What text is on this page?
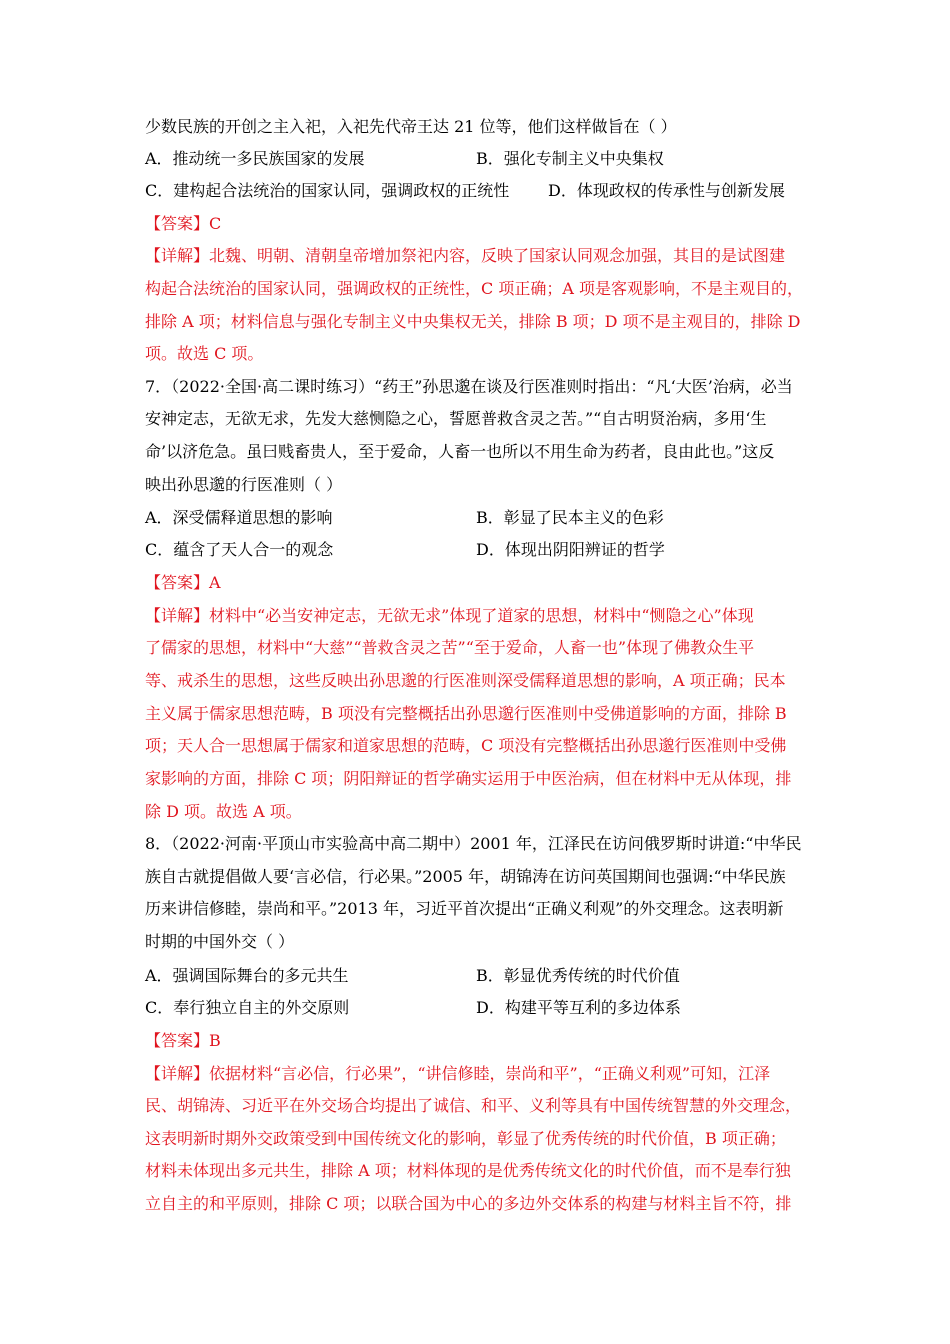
少数民族的开创之主入祀，入祀先代帝王达 21 位等，他们这样做旨在（ ）
A．推动统一多民族国家的发展	B．强化专制主义中央集权
C．建构起合法统治的国家认同，强调政权的正统性 D．体现政权的传承性与创新发展
【答案】C
【详解】北魏、明朝、清朝皇帝增加祭祀内容，反映了国家认同观念加强，其目的是试图建
构起合法统治的国家认同，强调政权的正统性，C 项正确；A 项是客观影响，不是主观目的，
排除 A 项；材料信息与强化专制主义中央集权无关，排除 B 项；D 项不是主观目的，排除 D
项。故选 C 项。
7．（2022·全国·高二课时练习）“药王”孙思邈在谈及行医准则时指出：“凡‘大医’治病，必当
安神定志，无欲无求，先发大慈恻隐之心，誓愿普救含灵之苦。”“自古明贤治病，多用‘生
命’以济危急。虽曰贱畜贵人，至于爱命，人畜一也所以不用生命为药者，良由此也。”这反
映出孙思邈的行医准则（ ）
A．深受儒释道思想的影响	B．彰显了民本主义的色彩
C．蕴含了天人合一的观念	D．体现出阴阳辨证的哲学
【答案】A
【详解】材料中“必当安神定志，无欲无求”体现了道家的思想，材料中“恻隐之心”体现
了儒家的思想，材料中“大慈”“普救含灵之苦”“至于爱命，人畜一也”体现了佛教众生平
等、戒杀生的思想，这些反映出孙思邈的行医准则深受儒释道思想的影响，A 项正确；民本
主义属于儒家思想范畴，B 项没有完整概括出孙思邈行医准则中受佛道影响的方面，排除 B
项；天人合一思想属于儒家和道家思想的范畴，C 项没有完整概括出孙思邈行医准则中受佛
家影响的方面，排除 C 项；阴阳辩证的哲学确实运用于中医治病，但在材料中无从体现，排
除 D 项。故选 A 项。
8．（2022·河南·平顶山市实验高中高二期中）2001 年，江泽民在访问俄罗斯时讲道:“中华民
族自古就提倡做人要‘言必信，行必果。”2005 年，胡锦涛在访问英国期间也强调:“中华民族
历来讲信修睦，崇尚和平。”2013 年，习近平首次提出“正确义利观”的外交理念。这表明新
时期的中国外交（ ）
A．强调国际舞台的多元共生	B．彰显优秀传统的时代价值
C．奉行独立自主的外交原则	D．构建平等互利的多边体系
【答案】B
【详解】依据材料“言必信，行必果”，“讲信修睦，崇尚和平”，“正确义利观”可知，江泽
民、胡锦涛、习近平在外交场合均提出了诚信、和平、义利等具有中国传统智慧的外交理念，
这表明新时期外交政策受到中国传统文化的影响，彰显了优秀传统的时代价值，B 项正确；
材料未体现出多元共生，排除 A 项；材料体现的是优秀传统文化的时代价值，而不是奉行独
立自主的和平原则，排除 C 项；以联合国为中心的多边外交体系的构建与材料主旨不符，排
